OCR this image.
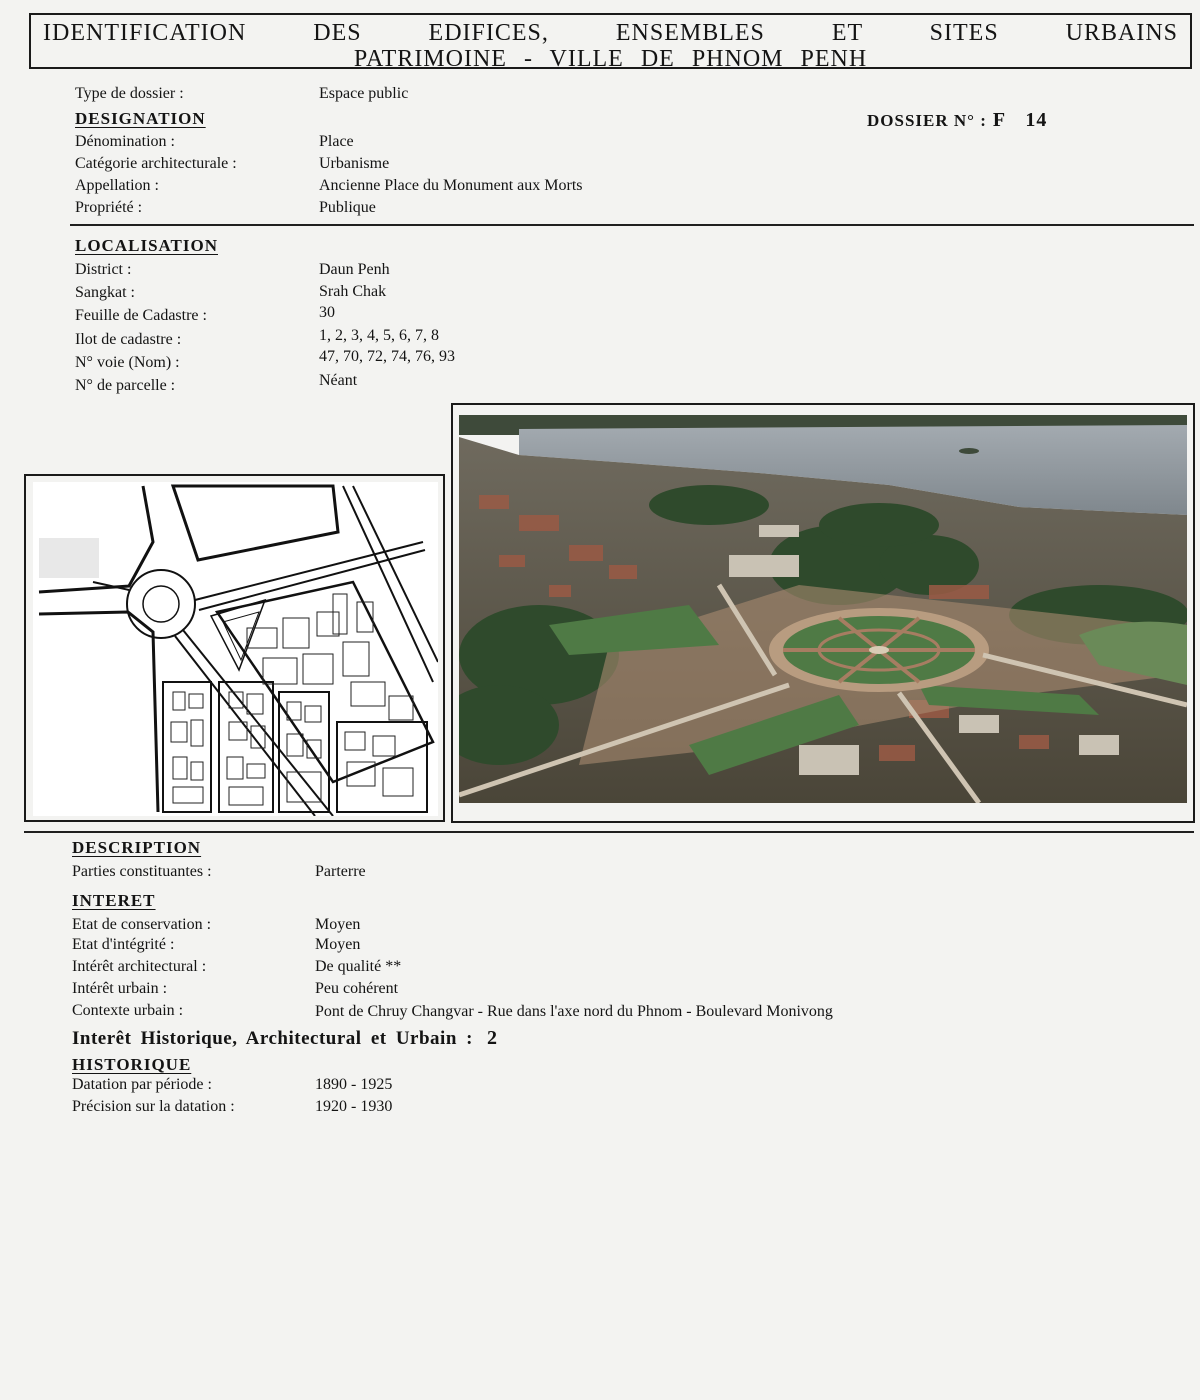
IDENTIFICATION DES EDIFICES, ENSEMBLES ET SITES URBAINS
PATRIMOINE - VILLE DE PHNOM PENH
Type de dossier :	Espace public
DESIGNATION	DOSSIER N° : F 14
Dénomination :	Place
Catégorie architecturale :	Urbanisme
Appellation :	Ancienne Place du Monument aux Morts
Propriété :	Publique
LOCALISATION
District :	Daun Penh
Sangkat :	Srah Chak
Feuille de Cadastre :	30
Ilot de cadastre :	1, 2, 3, 4, 5, 6, 7, 8
N° voie (Nom) :	47, 70, 72, 74, 76, 93
N° de parcelle :	Néant
DESCRIPTION
Parties constituantes :	Parterre
INTERET
Etat de conservation :	Moyen
Etat d'intégrité :	Moyen
Intérêt architectural :	De qualité **
Intérêt urbain :	Peu cohérent
Contexte urbain :	Pont de Chruy Changvar - Rue dans l'axe nord du Phnom - Boulevard Monivong
Interêt Historique, Architectural et Urbain : 2
HISTORIQUE
Datation par période :	1890 - 1925
Précision sur la datation :	1920 - 1930
